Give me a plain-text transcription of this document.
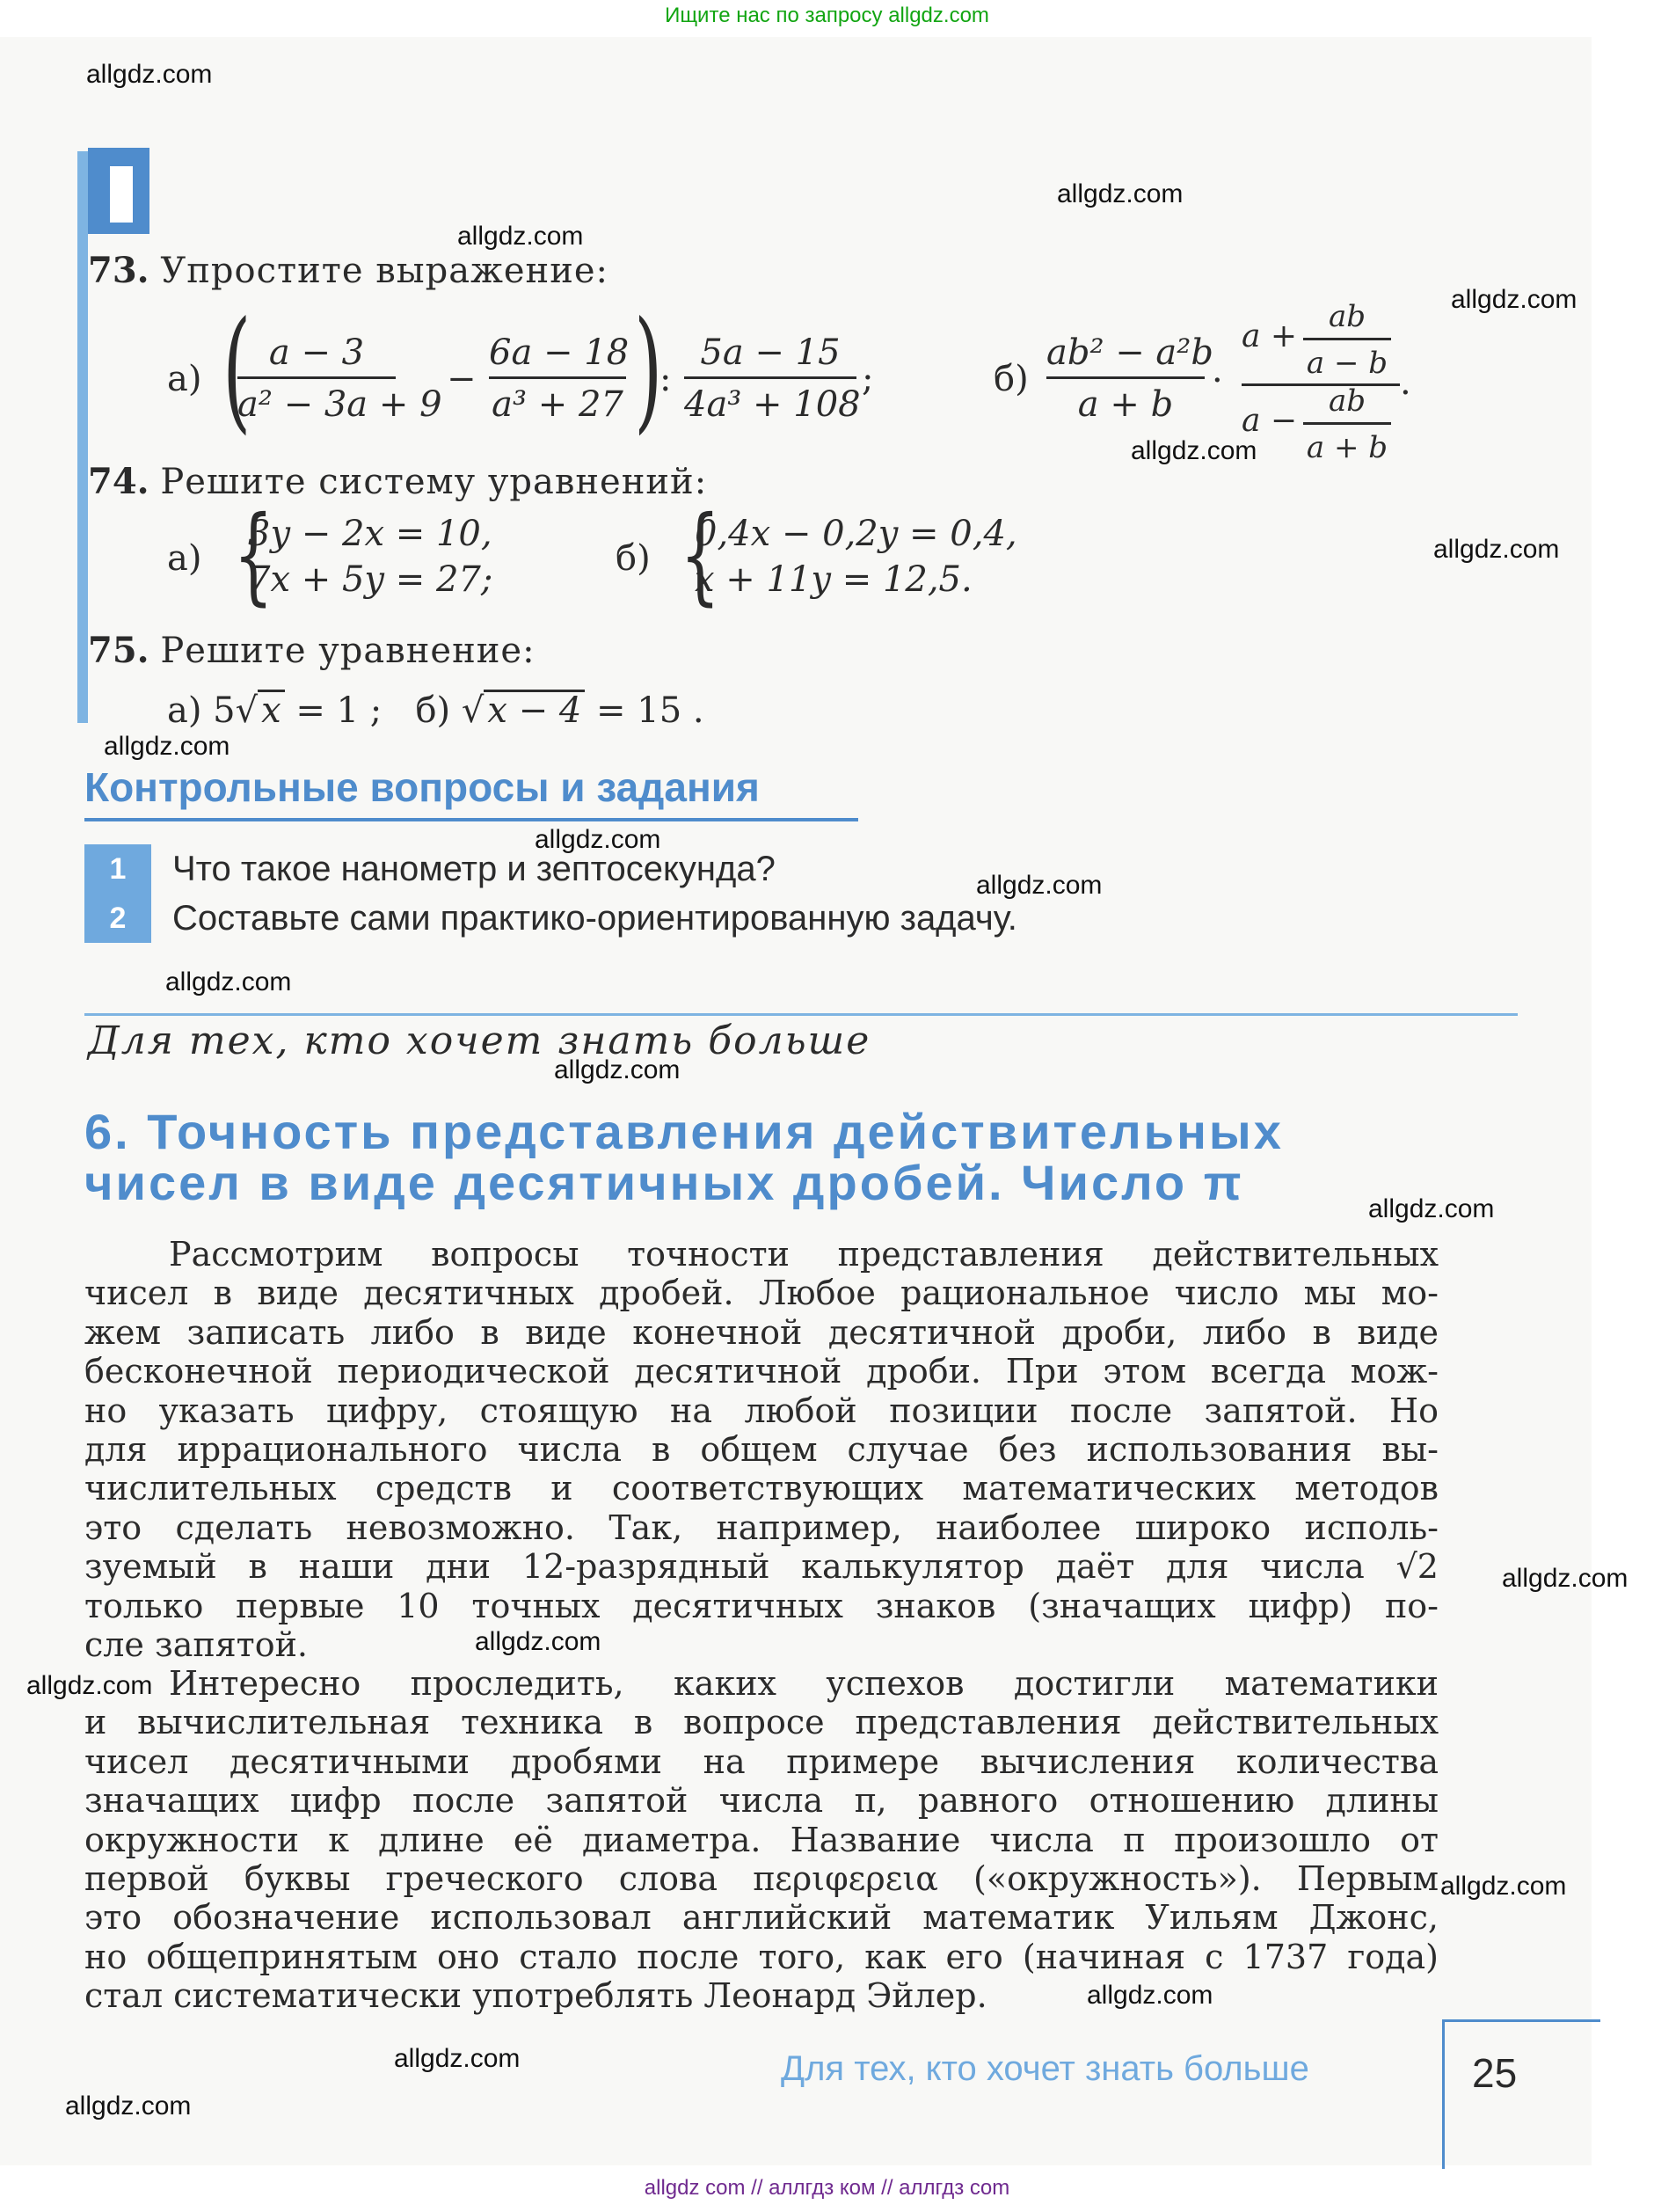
Ищите нас по запросу allgdz.com
73. Упростите выражение:
а) ( a − 3
a² − 3a + 9
−
6a − 18
a³ + 27 )
:
5a − 15
4a³ + 108
;	б)
ab² − a²b
a + b
·
a +
ab
a − b
a −
ab
a + b
.
74. Решите систему уравнений:
а) {
3y − 2x = 10,
7x + 5y = 27;
б) {
0,4x − 0,2y = 0,4,
x + 11y = 12,5.
75. Решите уравнение:
а) 5√ x = 1 ; б) √ x − 4 = 15 .
Контрольные вопросы и задания
1	Что такое нанометр и зептосекунда?
2	Составьте сами практико-ориентированную задачу.
Для тех, кто хочет знать больше
6. Точность представления действительных
чисел в виде десятичных дробей. Число π
Рассмотрим вопросы точности представления действительных
чисел в виде десятичных дробей. Любое рациональное число мы мо-
жем записать либо в виде конечной десятичной дроби, либо в виде
бесконечной периодической десятичной дроби. При этом всегда мож-
но указать цифру, стоящую на любой позиции после запятой. Но
для иррационального числа в общем случае без использования вы-
числительных средств и соответствующих математических методов
это сделать невозможно. Так, например, наиболее широко исполь-
зуемый в наши дни 12-разрядный калькулятор даёт для числа √2
только первые 10 точных десятичных знаков (значащих цифр) по-
сле запятой.
Интересно проследить, каких успехов достигли математики
и вычислительная техника в вопросе представления действительных
чисел десятичными дробями на примере вычисления количества
значащих цифр после запятой числа π, равного отношению длины
окружности к длине её диаметра. Название числа π произошло от
первой буквы греческого слова περιφερεια («окружность»). Первым
это обозначение использовал английский математик Уильям Джонс,
но общепринятым оно стало после того, как его (начиная с 1737 года)
стал систематически употреблять Леонард Эйлер.
Для тех, кто хочет знать больше	25
allgdz.com
allgdz.com
allgdz.com
allgdz.com
allgdz.com
allgdz.com
allgdz.com
allgdz.com
allgdz.com
allgdz.com
allgdz.com
allgdz.com
allgdz.com
allgdz.com
allgdz.com
allgdz.com
allgdz.com
allgdz.com
allgdz.com
allgdz com // аллгдз ком // аллгдз com
